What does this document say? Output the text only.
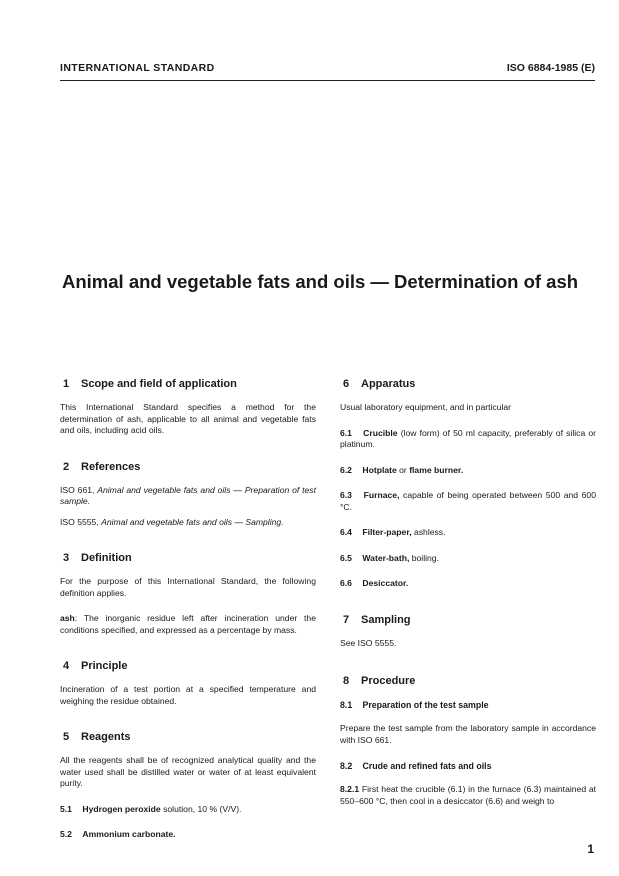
INTERNATIONAL STANDARD	ISO 6884-1985 (E)
Animal and vegetable fats and oils — Determination of ash
1 Scope and field of application

This International Standard specifies a method for the determination of ash, applicable to all animal and vegetable fats and oils, including acid oils.

2 References

ISO 661, Animal and vegetable fats and oils — Preparation of test sample.

ISO 5555, Animal and vegetable fats and oils — Sampling.

3 Definition

For the purpose of this International Standard, the following definition applies.

ash: The inorganic residue left after incineration under the conditions specified, and expressed as a percentage by mass.

4 Principle

Incineration of a test portion at a specified temperature and weighing the residue obtained.

5 Reagents

All the reagents shall be of recognized analytical quality and the water used shall be distilled water or water of at least equivalent purity.

5.1 Hydrogen peroxide solution, 10 % (V/V).

5.2 Ammonium carbonate.

6 Apparatus

Usual laboratory equipment, and in particular

6.1 Crucible (low form) of 50 ml capacity, preferably of silica or platinum.

6.2 Hotplate or flame burner.

6.3 Furnace, capable of being operated between 500 and 600 °C.

6.4 Filter-paper, ashless.

6.5 Water-bath, boiling.

6.6 Desiccator.

7 Sampling

See ISO 5555.

8 Procedure
8.1 Preparation of the test sample

Prepare the test sample from the laboratory sample in accordance with ISO 661.

8.2 Crude and refined fats and oils

8.2.1 First heat the crucible (6.1) in the furnace (6.3) maintained at 550–600 °C, then cool in a desiccator (6.6) and weigh to

1
